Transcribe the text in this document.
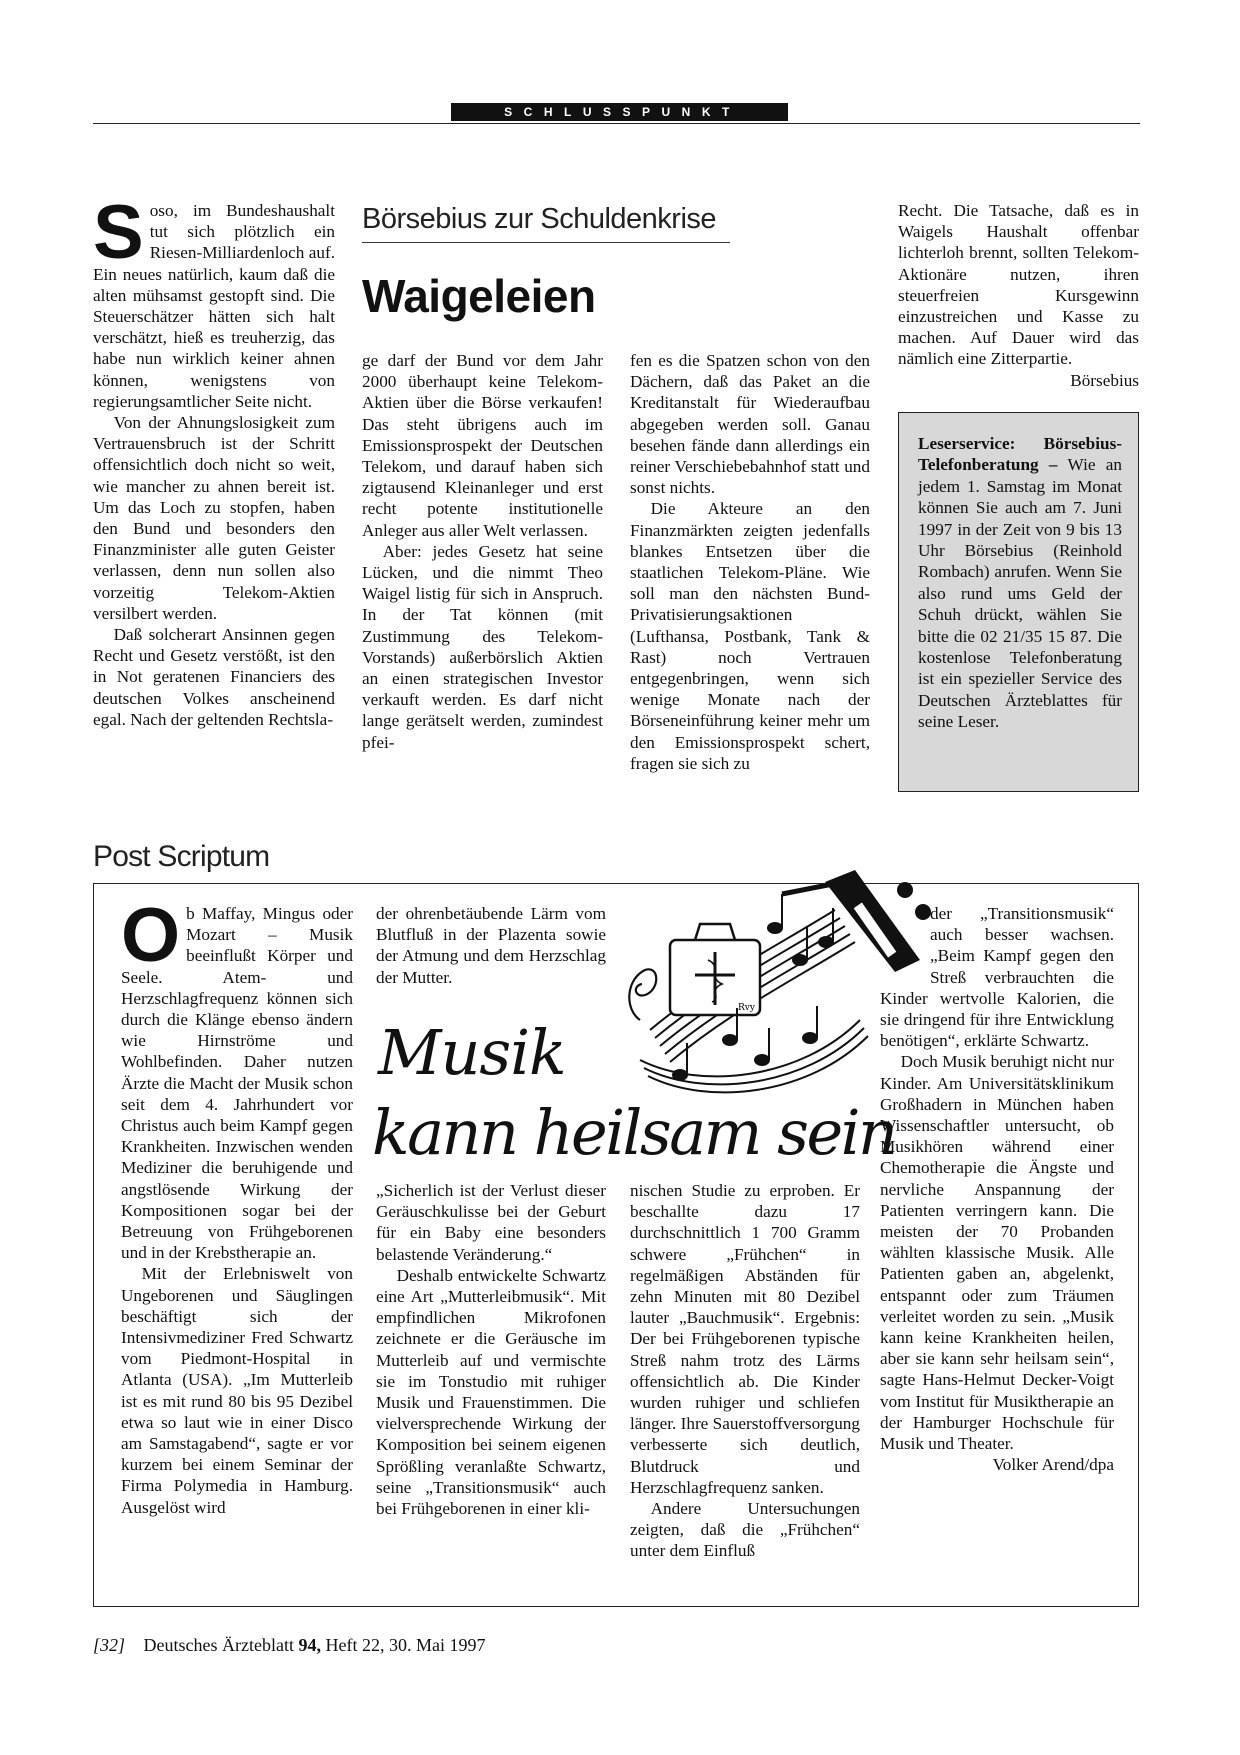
SCHLUSSPUNKT

Soso, im Bundeshaushalt tut sich plötzlich ein Riesen-Milliardenloch auf. Ein neues natürlich, kaum daß die alten mühsamst gestopft sind. Die Steuerschätzer hätten sich halt verschätzt, hieß es treuherzig, das habe nun wirklich keiner ahnen können, wenigstens von regierungsamtlicher Seite nicht.

Von der Ahnungslosigkeit zum Vertrauensbruch ist der Schritt offensichtlich doch nicht so weit, wie mancher zu ahnen bereit ist. Um das Loch zu stopfen, haben den Bund und besonders den Finanzminister alle guten Geister verlassen, denn nun sollen also vorzeitig Telekom-Aktien versilbert werden.

Daß solcherart Ansinnen gegen Recht und Gesetz verstößt, ist den in Not geratenen Financiers des deutschen Volkes anscheinend egal. Nach der geltenden Rechtsla-

Börsebius zur Schuldenkrise
Waigeleien

ge darf der Bund vor dem Jahr 2000 überhaupt keine Telekom-Aktien über die Börse verkaufen! Das steht übrigens auch im Emissionsprospekt der Deutschen Telekom, und darauf haben sich zigtausend Kleinanleger und erst recht potente institutionelle Anleger aus aller Welt verlassen.

Aber: jedes Gesetz hat seine Lücken, und die nimmt Theo Waigel listig für sich in Anspruch. In der Tat können (mit Zustimmung des Telekom-Vorstands) außerbörslich Aktien an einen strategischen Investor verkauft werden. Es darf nicht lange gerätselt werden, zumindest pfei-

fen es die Spatzen schon von den Dächern, daß das Paket an die Kreditanstalt für Wiederaufbau abgegeben werden soll. Ganau besehen fände dann allerdings ein reiner Verschiebebahnhof statt und sonst nichts.

Die Akteure an den Finanzmärkten zeigten jedenfalls blankes Entsetzen über die staatlichen Telekom-Pläne. Wie soll man den nächsten Bund-Privatisierungsaktionen (Lufthansa, Postbank, Tank & Rast) noch Vertrauen entgegenbringen, wenn sich wenige Monate nach der Börseneinführung keiner mehr um den Emissionsprospekt schert, fragen sie sich zu

Recht. Die Tatsache, daß es in Waigels Haushalt offenbar lichterloh brennt, sollten Telekom-Aktionäre nutzen, ihren steuerfreien Kursgewinn einzustreichen und Kasse zu machen. Auf Dauer wird das nämlich eine Zitterpartie.

Börsebius
Leserservice: Börsebius-Telefonberatung – Wie an jedem 1. Samstag im Monat können Sie auch am 7. Juni 1997 in der Zeit von 9 bis 13 Uhr Börsebius (Reinhold Rombach) anrufen. Wenn Sie also rund ums Geld der Schuh drückt, wählen Sie bitte die 02 21/35 15 87. Die kostenlose Telefonberatung ist ein spezieller Service des Deutschen Ärzteblattes für seine Leser.
Post Scriptum

Ob Maffay, Mingus oder Mozart – Musik beeinflußt Körper und Seele. Atem- und Herzschlagfrequenz können sich durch die Klänge ebenso ändern wie Hirnströme und Wohlbefinden. Daher nutzen Ärzte die Macht der Musik schon seit dem 4. Jahrhundert vor Christus auch beim Kampf gegen Krankheiten. Inzwischen wenden Mediziner die beruhigende und angstlösende Wirkung der Kompositionen sogar bei der Betreuung von Frühgeborenen und in der Krebstherapie an.

Mit der Erlebniswelt von Ungeborenen und Säuglingen beschäftigt sich der Intensivmediziner Fred Schwartz vom Piedmont-Hospital in Atlanta (USA). „Im Mutterleib ist es mit rund 80 bis 95 Dezibel etwa so laut wie in einer Disco am Samstagabend“, sagte er vor kurzem bei einem Seminar der Firma Polymedia in Hamburg. Ausgelöst wird

der ohrenbetäubende Lärm vom Blutfluß in der Plazenta sowie der Atmung und dem Herzschlag der Mutter.

Rvy
Musik
kann heilsam sein

„Sicherlich ist der Verlust dieser Geräuschkulisse bei der Geburt für ein Baby eine besonders belastende Veränderung.“

Deshalb entwickelte Schwartz eine Art „Mutterleibmusik“. Mit empfindlichen Mikrofonen zeichnete er die Geräusche im Mutterleib auf und vermischte sie im Tonstudio mit ruhiger Musik und Frauenstimmen. Die vielversprechende Wirkung der Komposition bei seinem eigenen Sprößling veranlaßte Schwartz, seine „Transitionsmusik“ auch bei Frühgeborenen in einer kli-

nischen Studie zu erproben. Er beschallte dazu 17 durchschnittlich 1 700 Gramm schwere „Frühchen“ in regelmäßigen Abständen für zehn Minuten mit 80 Dezibel lauter „Bauchmusik“. Ergebnis: Der bei Frühgeborenen typische Streß nahm trotz des Lärms offensichtlich ab. Die Kinder wurden ruhiger und schliefen länger. Ihre Sauerstoffversorgung verbesserte sich deutlich, Blutdruck und Herzschlagfrequenz sanken.

Andere Untersuchungen zeigten, daß die „Frühchen“ unter dem Einfluß

der „Transitionsmusik“ auch besser wachsen. „Beim Kampf gegen den Streß verbrauchten die Kinder wertvolle Kalorien, die sie dringend für ihre Entwicklung benötigen“, erklärte Schwartz.

Doch Musik beruhigt nicht nur Kinder. Am Universitätsklinikum Großhadern in München haben Wissenschaftler untersucht, ob Musikhören während einer Chemotherapie die Ängste und nervliche Anspannung der Patienten verringern kann. Die meisten der 70 Probanden wählten klassische Musik. Alle Patienten gaben an, abgelenkt, entspannt oder zum Träumen verleitet worden zu sein. „Musik kann keine Krankheiten heilen, aber sie kann sehr heilsam sein“, sagte Hans-Helmut Decker-Voigt vom Institut für Musiktherapie an der Hamburger Hochschule für Musik und Theater.

Volker Arend/dpa
[32] Deutsches Ärzteblatt 94, Heft 22, 30. Mai 1997
